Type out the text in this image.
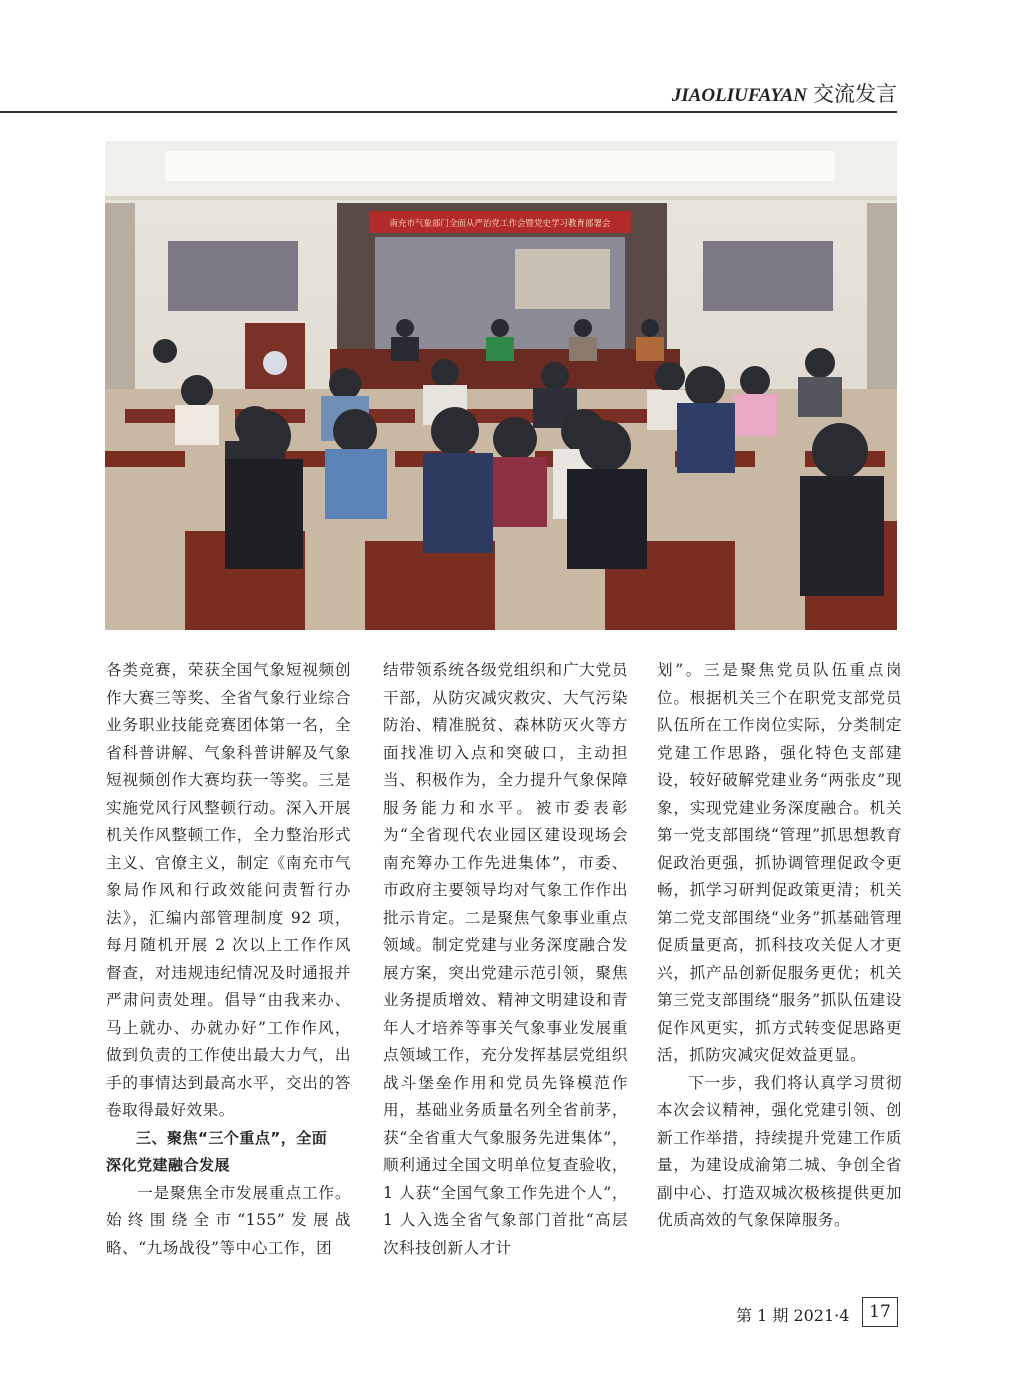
JIAOLIUFAYAN 交流发言
南充市气象部门全面从严治党工作会暨党史学习教育部署会

各类竞赛，荣获全国气象短视频创作大赛三等奖、全省气象行业综合业务职业技能竞赛团体第一名，全省科普讲解、气象科普讲解及气象短视频创作大赛均获一等奖。三是实施党风行风整顿行动。深入开展机关作风整顿工作，全力整治形式主义、官僚主义，制定《南充市气象局作风和行政效能问责暂行办法》，汇编内部管理制度 92 项，每月随机开展 2 次以上工作作风督查，对违规违纪情况及时通报并严肃问责处理。倡导“由我来办、马上就办、办就办好”工作作风，做到负责的工作使出最大力气，出手的事情达到最高水平，交出的答卷取得最好效果。

三、聚焦“三个重点”，全面

深化党建融合发展

一是聚焦全市发展重点工作。始终围绕全市“155”发展战略、“九场战役”等中心工作，团

结带领系统各级党组织和广大党员干部，从防灾减灾救灾、大气污染防治、精准脱贫、森林防灭火等方面找准切入点和突破口，主动担当、积极作为，全力提升气象保障服务能力和水平。被市委表彰为“全省现代农业园区建设现场会南充筹办工作先进集体”，市委、市政府主要领导均对气象工作作出批示肯定。二是聚焦气象事业重点领域。制定党建与业务深度融合发展方案，突出党建示范引领，聚焦业务提质增效、精神文明建设和青年人才培养等事关气象事业发展重点领域工作，充分发挥基层党组织战斗堡垒作用和党员先锋模范作用，基础业务质量名列全省前茅，获“全省重大气象服务先进集体”，顺利通过全国文明单位复查验收，1 人获“全国气象工作先进个人”，1 人入选全省气象部门首批“高层次科技创新人才计

划”。三是聚焦党员队伍重点岗位。根据机关三个在职党支部党员队伍所在工作岗位实际，分类制定党建工作思路，强化特色支部建设，较好破解党建业务“两张皮”现象，实现党建业务深度融合。机关第一党支部围绕“管理”抓思想教育促政治更强，抓协调管理促政令更畅，抓学习研判促政策更清；机关第二党支部围绕“业务”抓基础管理促质量更高，抓科技攻关促人才更兴，抓产品创新促服务更优；机关第三党支部围绕“服务”抓队伍建设促作风更实，抓方式转变促思路更活，抓防灾减灾促效益更显。

下一步，我们将认真学习贯彻本次会议精神，强化党建引领、创新工作举措，持续提升党建工作质量，为建设成渝第二城、争创全省副中心、打造双城次极核提供更加优质高效的气象保障服务。

第 1 期 2021·4	17
